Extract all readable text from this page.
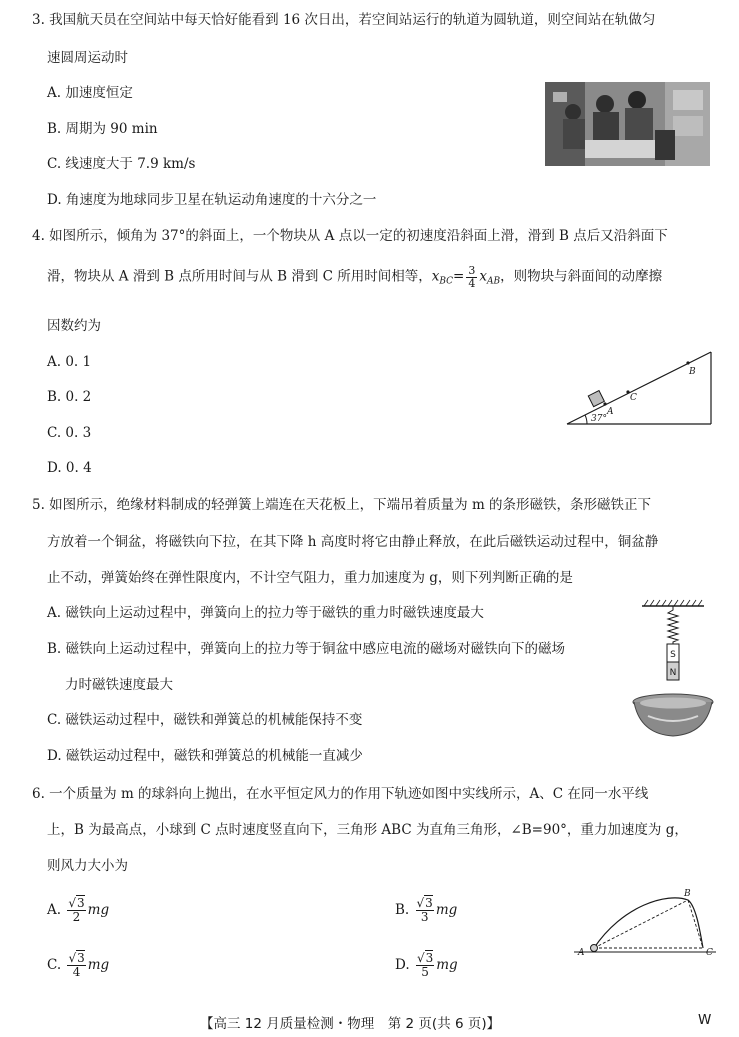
3. 我国航天员在空间站中每天恰好能看到 16 次日出，若空间站运行的轨道为圆轨道，则空间站在轨做匀
速圆周运动时
A. 加速度恒定
B. 周期为 90 min
C. 线速度大于 7.9 km/s
D. 角速度为地球同步卫星在轨运动角速度的十六分之一
4. 如图所示，倾角为 37°的斜面上，一个物块从 A 点以一定的初速度沿斜面上滑，滑到 B 点后又沿斜面下
滑，物块从 A 滑到 B 点所用时间与从 B 滑到 C 所用时间相等，$x_{BC}= \frac{3}{4} x_{AB}$，则物块与斜面间的动摩擦
因数约为
A. 0. 1
B. 0. 2
C. 0. 3
D. 0. 4
37°
A
C
B
5. 如图所示，绝缘材料制成的轻弹簧上端连在天花板上，下端吊着质量为 m 的条形磁铁，条形磁铁正下
方放着一个铜盆，将磁铁向下拉，在其下降 h 高度时将它由静止释放，在此后磁铁运动过程中，铜盆静
止不动，弹簧始终在弹性限度内，不计空气阻力，重力加速度为 g，则下列判断正确的是
A. 磁铁向上运动过程中，弹簧向上的拉力等于磁铁的重力时磁铁速度最大
B. 磁铁向上运动过程中，弹簧向上的拉力等于铜盆中感应电流的磁场对磁铁向下的磁场
力时磁铁速度最大
C. 磁铁运动过程中，磁铁和弹簧总的机械能保持不变
D. 磁铁运动过程中，磁铁和弹簧总的机械能一直减少
S
N
6. 一个质量为 m 的球斜向上抛出，在水平恒定风力的作用下轨迹如图中实线所示，A、C 在同一水平线
上，B 为最高点，小球到 C 点时速度竖直向下，三角形 ABC 为直角三角形，∠B=90°，重力加速度为 g，
则风力大小为
A. $\frac{√3}{2}$ mg	B. $\frac{√3}{3}$ mg
C. $\frac{√3}{4}$ mg	D. $\frac{√3}{5}$ mg
A
B
C
【高三 12 月质量检测・物理　第 2 页(共 6 页)】	W
